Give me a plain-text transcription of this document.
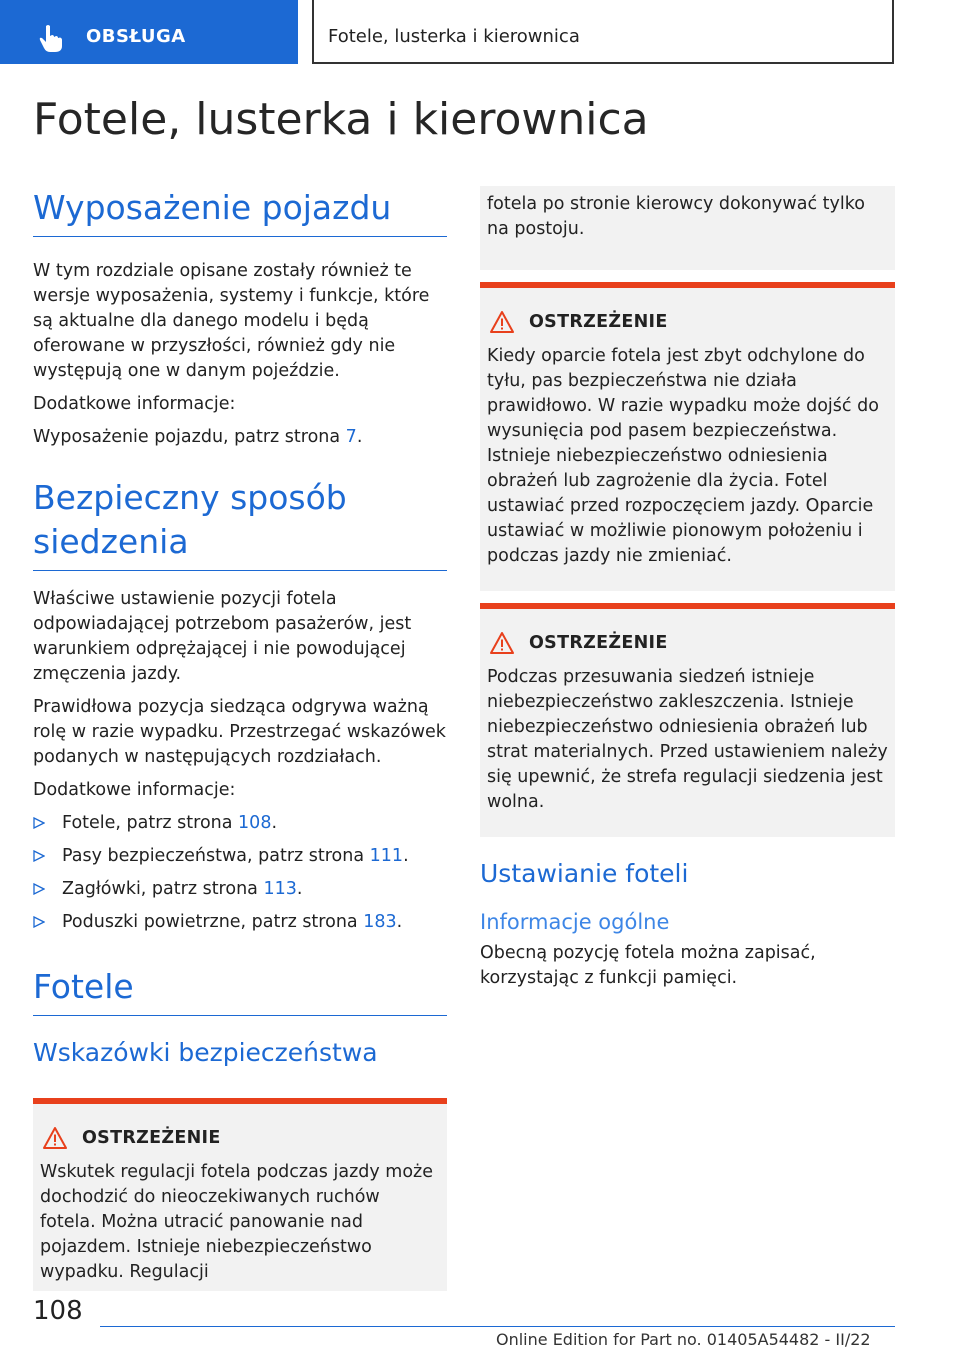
OBSŁUGA	Fotele, lusterka i kierownica
Fotele, lusterka i kierownica
Wyposażenie pojazdu

W tym rozdziale opisane zostały również te wersje wyposażenia, systemy i funkcje, które są aktualne dla danego modelu i będą oferowane w przyszłości, również gdy nie występują one w danym pojeździe.

Dodatkowe informacje:

Wyposażenie pojazdu, patrz strona 7.

Bezpieczny sposób
siedzenia

Właściwe ustawienie pozycji fotela odpowiadającej potrzebom pasażerów, jest warunkiem odprężającej i nie powodującej zmęczenia jazdy.

Prawidłowa pozycja siedząca odgrywa ważną rolę w razie wypadku. Przestrzegać wskazówek podanych w następujących rozdziałach.

Dodatkowe informacje:

Fotele, patrz strona 108.
Pasy bezpieczeństwa, patrz strona 111.
Zagłówki, patrz strona 113.
Poduszki powietrzne, patrz strona 183.
Fotele
Wskazówki bezpieczeństwa
OSTRZEŻENIE

Wskutek regulacji fotela podczas jazdy może dochodzić do nieoczekiwanych ruchów fotela. Można utracić panowanie nad pojazdem. Istnieje niebezpieczeństwo wypadku. Regulacji

fotela po stronie kierowcy dokonywać tylko na postoju.

OSTRZEŻENIE

Kiedy oparcie fotela jest zbyt odchylone do tyłu, pas bezpieczeństwa nie działa prawidłowo. W razie wypadku może dojść do wysunięcia pod pasem bezpieczeństwa. Istnieje niebezpieczeństwo odniesienia obrażeń lub zagrożenie dla życia. Fotel ustawiać przed rozpoczęciem jazdy. Oparcie ustawiać w możliwie pionowym położeniu i podczas jazdy nie zmieniać.

OSTRZEŻENIE

Podczas przesuwania siedzeń istnieje niebezpieczeństwo zakleszczenia. Istnieje niebezpieczeństwo odniesienia obrażeń lub strat materialnych. Przed ustawieniem należy się upewnić, że strefa regulacji siedzenia jest wolna.

Ustawianie foteli
Informacje ogólne

Obecną pozycję fotela można zapisać, korzystając z funkcji pamięci.

108
Online Edition for Part no. 01405A54482 - II/22
